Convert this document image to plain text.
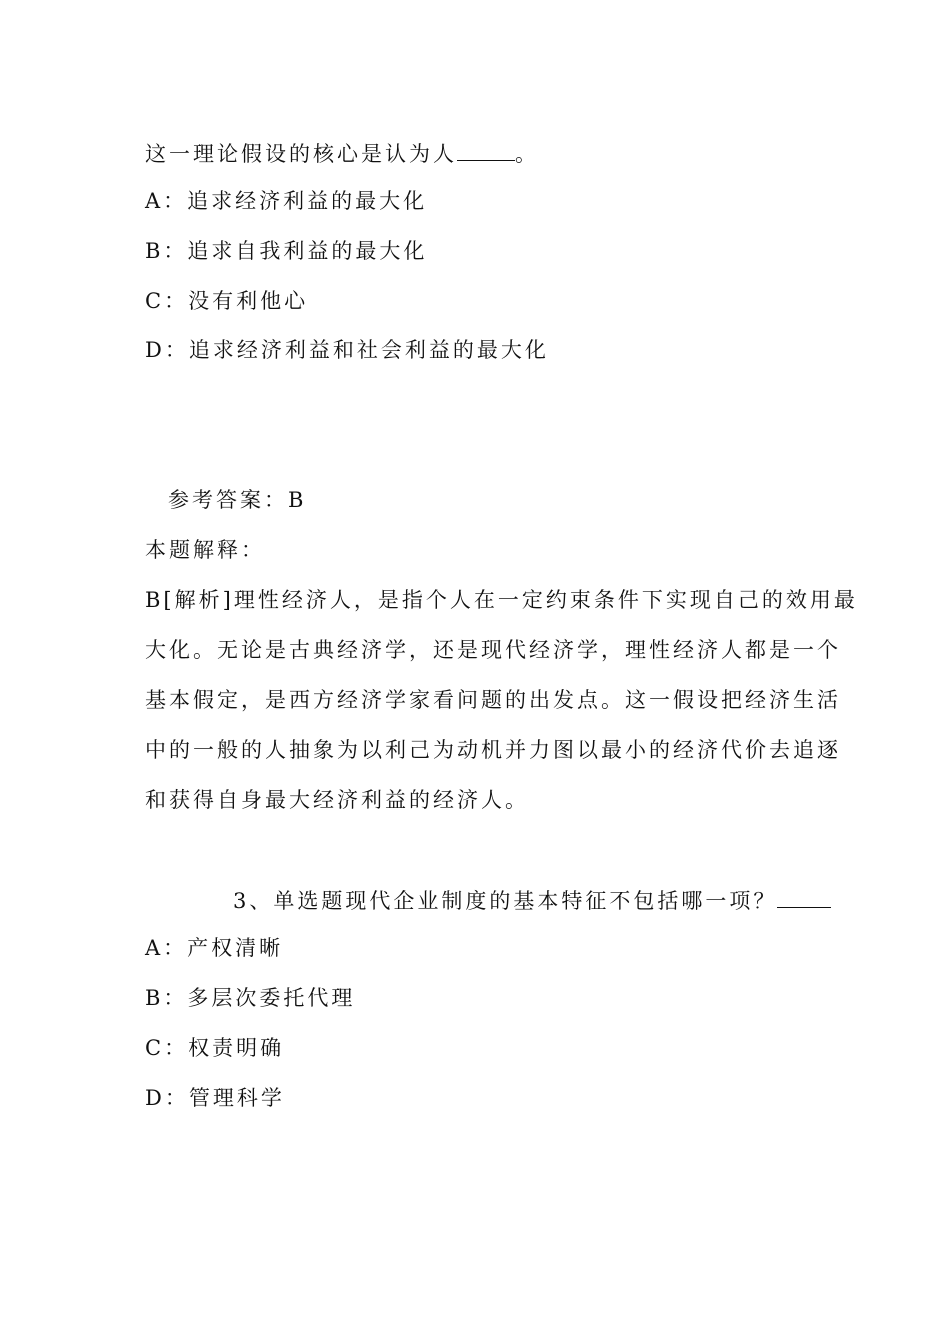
这一理论假设的核心是认为人	。
A：追求经济利益的最大化
B：追求自我利益的最大化
C：没有利他心
D：追求经济利益和社会利益的最大化
参考答案：B
本题解释：
B[解析]理性经济人，是指个人在一定约束条件下实现自己的效用最
大化。无论是古典经济学，还是现代经济学，理性经济人都是一个
基本假定，是西方经济学家看问题的出发点。这一假设把经济生活
中的一般的人抽象为以利己为动机并力图以最小的经济代价去追逐
和获得自身最大经济利益的经济人。
3、单选题现代企业制度的基本特征不包括哪一项？
A：产权清晰
B：多层次委托代理
C：权责明确
D：管理科学
